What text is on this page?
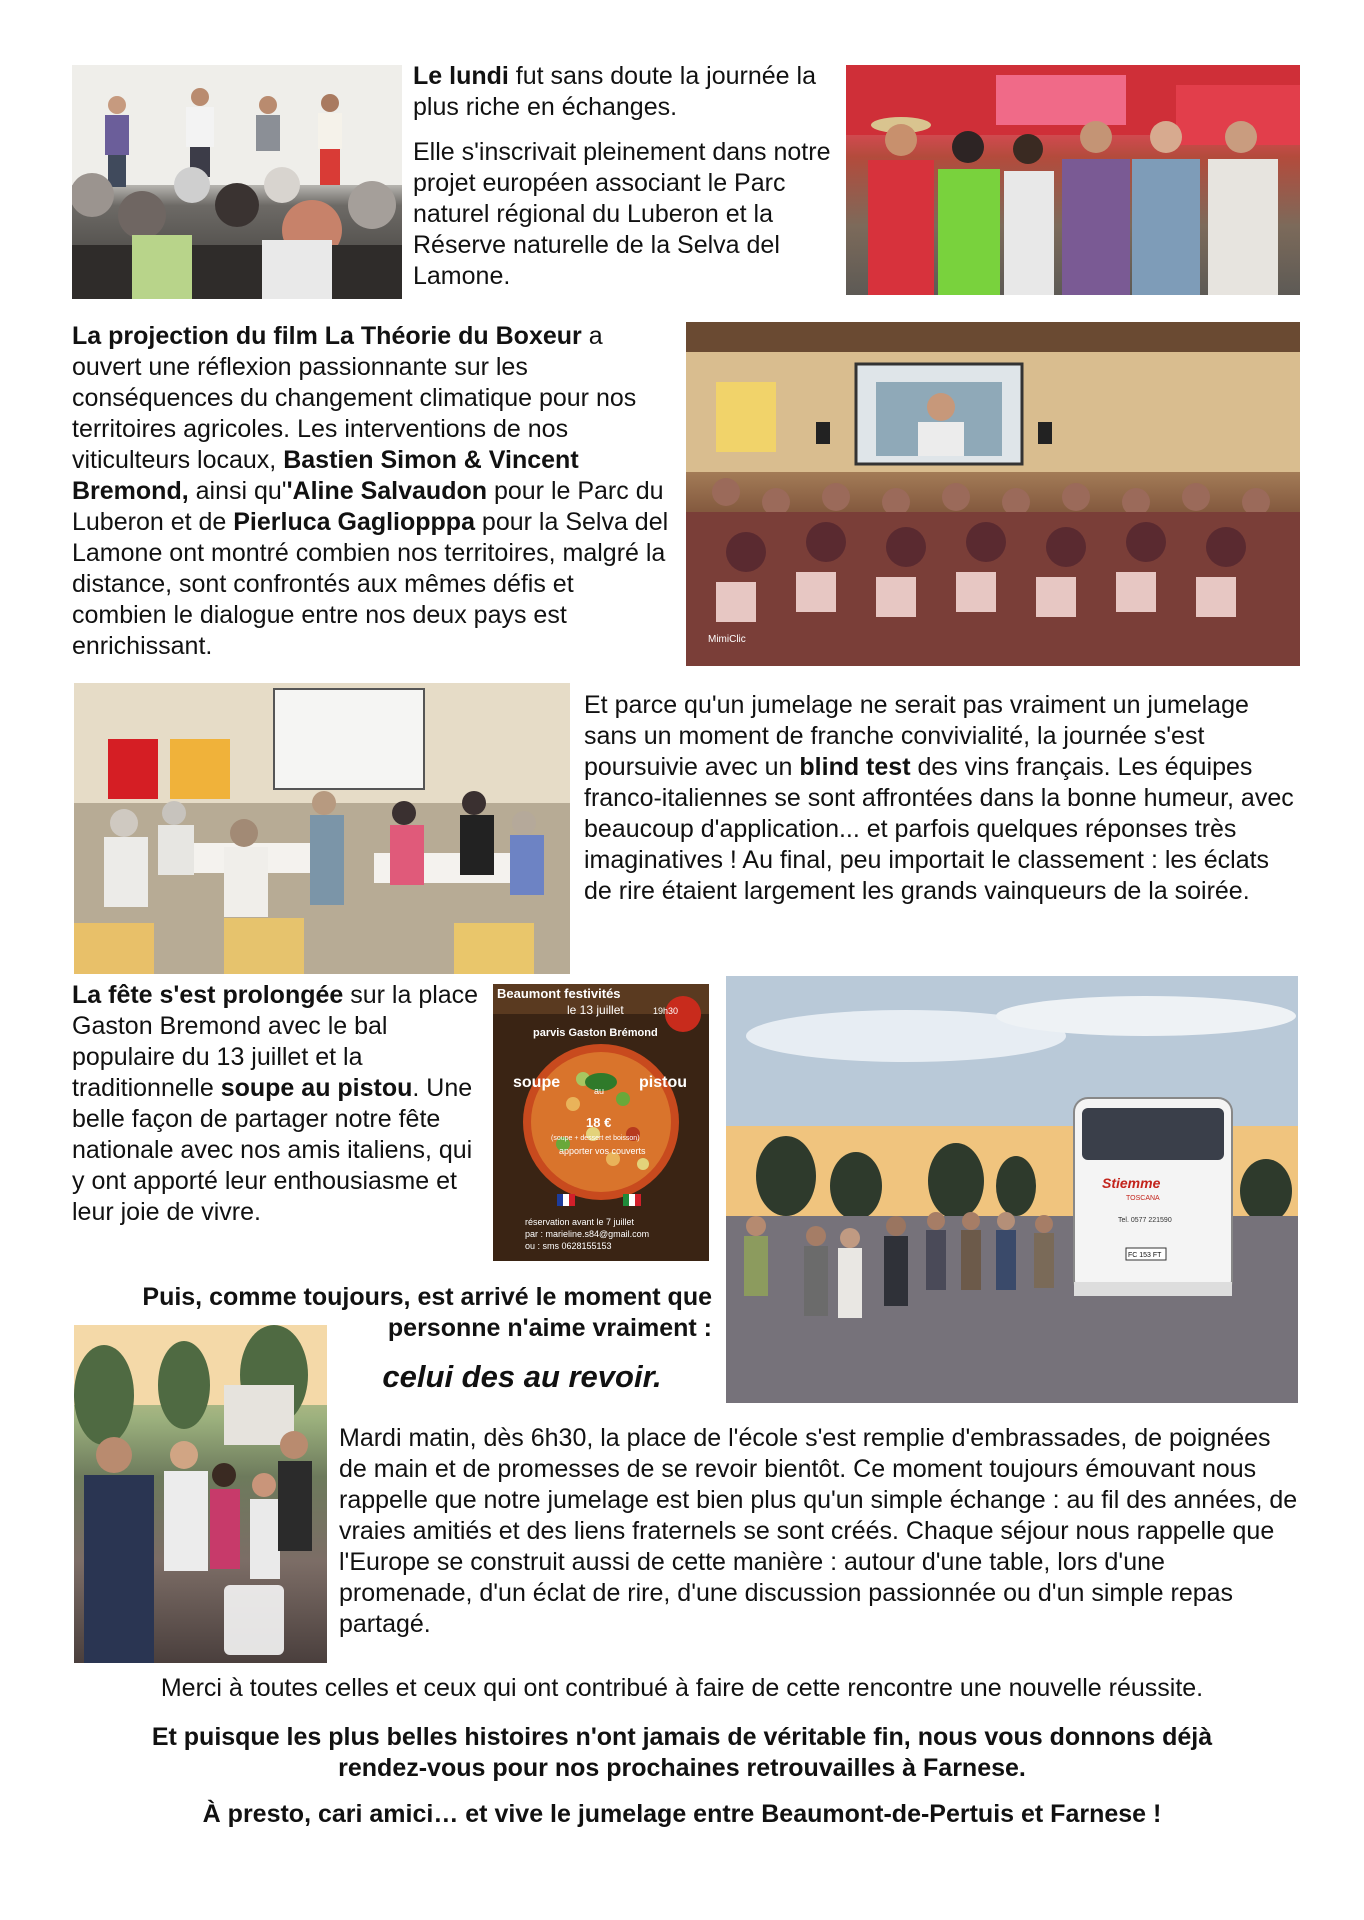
Le lundi fut sans doute la journée la plus riche en échanges.

Elle s'inscrivait pleinement dans notre projet européen associant le Parc naturel régional du Luberon et la Réserve naturelle de la Selva del Lamone.

La projection du film La Théorie du Boxeur a ouvert une réflexion passionnante sur les conséquences du changement climatique pour nos territoires agricoles. Les interventions de nos viticulteurs locaux, Bastien Simon & Vincent Bremond, ainsi qu''Aline Salvaudon pour le Parc du Luberon et de Pierluca Gagliopppa pour la Selva del Lamone ont montré combien nos territoires, malgré la distance, sont confrontés aux mêmes défis et combien le dialogue entre nos deux pays est enrichissant.	MimiClic
Et parce qu'un jumelage ne serait pas vraiment un jumelage sans un moment de franche convivialité, la journée s'est poursuivie avec un blind test des vins français. Les équipes franco-italiennes se sont affrontées dans la bonne humeur, avec beaucoup d'application... et parfois quelques réponses très imaginatives ! Au final, peu importait le classement : les éclats de rire étaient largement les grands vainqueurs de la soirée.
La fête s'est prolongée sur la place Gaston Bremond avec le bal populaire du 13 juillet et la traditionnelle soupe au pistou. Une belle façon de partager notre fête nationale avec nos amis italiens, qui y ont apporté leur enthousiasme et leur joie de vivre.
Beaumont festivités
le 13 juillet	19h30
parvis Gaston Brémond
soupe	au pistou
18 €
(soupe + dessert et boisson)
apporter vos couverts
réservation avant le 7 juillet
par : marieline.s84@gmail.com
ou : sms 0628155153
Stiemme
TOSCANA
Tel. 0577 221590
FC 153 FT
Puis, comme toujours, est arrivé le moment que
personne n'aime vraiment :
celui des au revoir.
Mardi matin, dès 6h30, la place de l'école s'est remplie d'embrassades, de poignées de main et de promesses de se revoir bientôt. Ce moment toujours émouvant nous rappelle que notre jumelage est bien plus qu'un simple échange : au fil des années, de vraies amitiés et des liens fraternels se sont créés. Chaque séjour nous rappelle que l'Europe se construit aussi de cette manière : autour d'une table, lors d'une promenade, d'un éclat de rire, d'une discussion passionnée ou d'un simple repas partagé.
Merci à toutes celles et ceux qui ont contribué à faire de cette rencontre une nouvelle réussite.
Et puisque les plus belles histoires n'ont jamais de véritable fin, nous vous donnons déjà
rendez-vous pour nos prochaines retrouvailles à Farnese.
À presto, cari amici… et vive le jumelage entre Beaumont-de-Pertuis et Farnese !
